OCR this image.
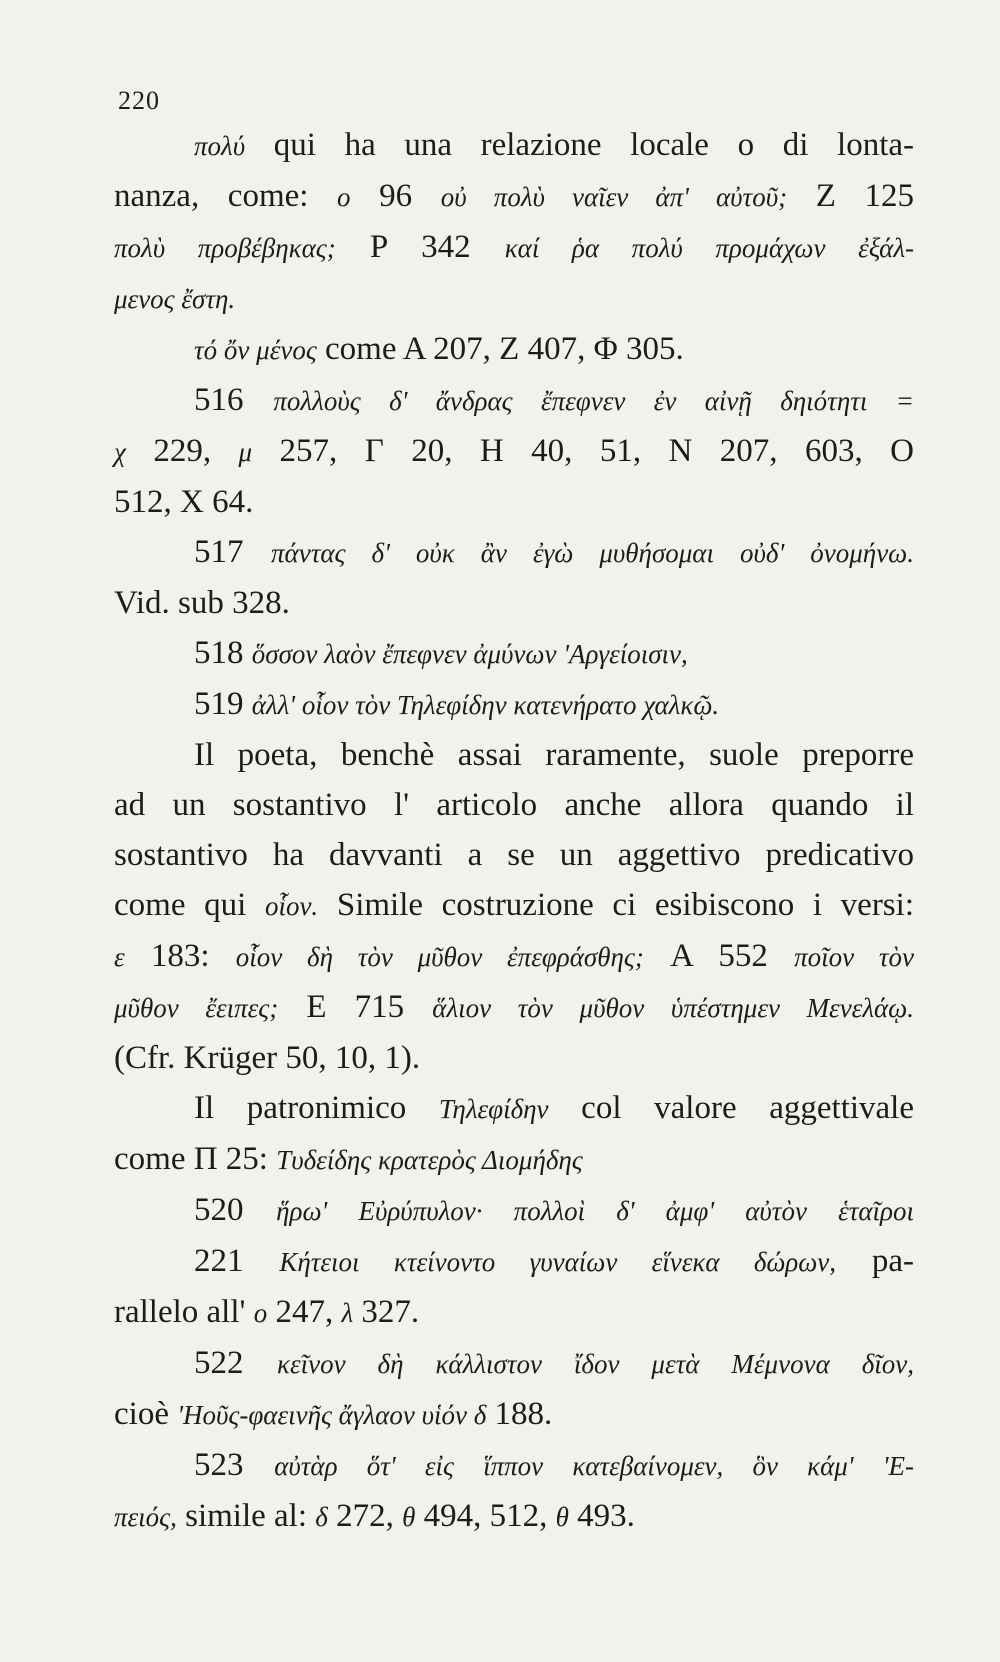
220
πολύ qui ha una relazione locale o di lonta-
nanza, come: ο 96 οὐ πολὺ ναῖεν ἀπ' αὐτοῦ; Z 125
πολὺ προβέβηκας; P 342 καί ῥα πολύ προμάχων ἐξάλ-
μενος ἔστη.
τό ὄν μένος come A 207, Z 407, Φ 305.
516 πολλοὺς δ' ἄνδρας ἔπεφνεν ἐν αἰνῇ δηιότητι =
χ 229, μ 257, Γ 20, H 40, 51, N 207, 603, O
512, X 64.
517 πάντας δ' οὐκ ἂν ἐγὼ μυθήσομαι οὐδ' ὀνομήνω.
Vid. sub 328.
518 ὅσσον λαὸν ἔπεφνεν ἀμύνων 'Αργείοισιν,
519 ἀλλ' οἷον τὸν Τηλεφίδην κατενήρατο χαλκῷ.
Il poeta, benchè assai raramente, suole preporre
ad un sostantivo l' articolo anche allora quando il
sostantivo ha davvanti a se un aggettivo predicativo
come qui οἷον. Simile costruzione ci esibiscono i versi:
ε 183: οἷον δὴ τὸν μῦθον ἐπεφράσθης; A 552 ποῖον τὸν
μῦθον ἔειπες; E 715 ἅλιον τὸν μῦθον ὑπέστημεν Μενελάῳ.
(Cfr. Krüger 50, 10, 1).
Il patronimico Τηλεφίδην col valore aggettivale
come Π 25: Τυδείδης κρατερὸς Διομήδης
520 ἥρω' Εὐρύπυλον· πολλοὶ δ' ἀμφ' αὐτὸν ἑταῖροι
221 Κήτειοι κτείνοντο γυναίων εἵνεκα δώρων, pa-
rallelo all' ο 247, λ 327.
522 κεῖνον δὴ κάλλιστον ἴδον μετὰ Μέμνονα δῖον,
cioè 'Ηοῦς-φαεινῆς ἄγλαον υἱόν δ 188.
523 αὐτὰρ ὅτ' εἰς ἵππον κατεβαίνομεν, ὃν κάμ' 'Ε-
πειός, simile al: δ 272, θ 494, 512, θ 493.
